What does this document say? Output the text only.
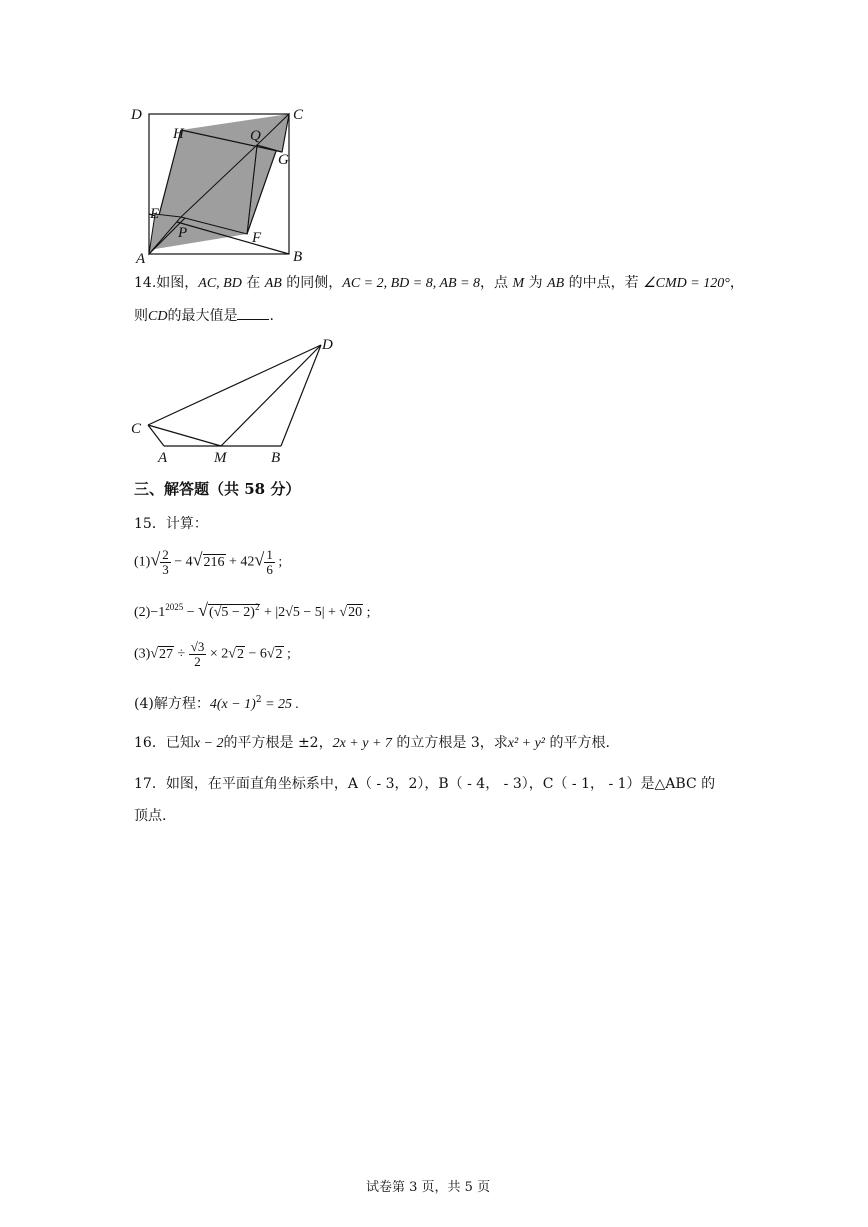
D	C
A	B
H	Q
G
E
P	F
14.如图，AC, BD 在 AB 的同侧，AC = 2, BD = 8, AB = 8，点 M 为 AB 的中点，若 ∠CMD = 120°，
则CD的最大值是 .
C
D
A	M	B
三、解答题（共 58 分）
15．计算：
$(1)√ \frac{2}{3} - 4√216 + 42√ \frac{1}{6}$ ;
$(2)-1^{2025} - √(√5 - 2)^2 + |2√5 - 5| + √20$ ;
$(3)√27 \div \frac{√3}{2} \times 2√2 - 6√2$ ;
(4)解方程：$4(x - 1)^2 = 25$ .
16．已知x − 2的平方根是 ±2，2x + y + 7 的立方根是 3，求x² + y² 的平方根.
17．如图，在平面直角坐标系中，A（ - 3，2），B（ - 4， - 3），C（ - 1， - 1）是△ABC 的
顶点.
试卷第 3 页，共 5 页
